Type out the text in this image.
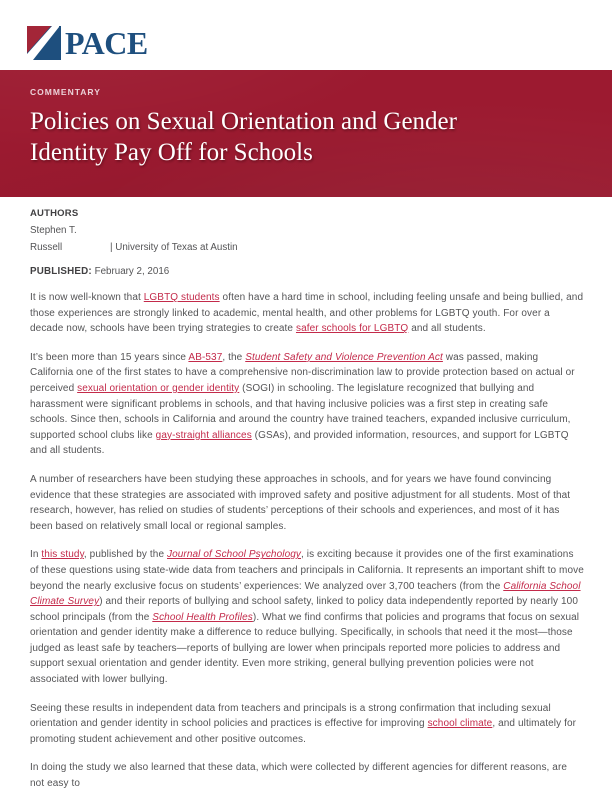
PACE
COMMENTARY
Policies on Sexual Orientation and Gender Identity Pay Off for Schools
AUTHORS
Stephen T.
Russell	| University of Texas at Austin
PUBLISHED: February 2, 2016

It is now well-known that LGBTQ students often have a hard time in school, including feeling unsafe and being bullied, and those experiences are strongly linked to academic, mental health, and other problems for LGBTQ youth. For over a decade now, schools have been trying strategies to create safer schools for LGBTQ and all students.

It’s been more than 15 years since AB-537, the Student Safety and Violence Prevention Act was passed, making California one of the first states to have a comprehensive non-discrimination law to provide protection based on actual or perceived sexual orientation or gender identity (SOGI) in schooling. The legislature recognized that bullying and harassment were significant problems in schools, and that having inclusive policies was a first step in creating safe schools. Since then, schools in California and around the country have trained teachers, expanded inclusive curriculum, supported school clubs like gay-straight alliances (GSAs), and provided information, resources, and support for LGBTQ and all students.

A number of researchers have been studying these approaches in schools, and for years we have found convincing evidence that these strategies are associated with improved safety and positive adjustment for all students. Most of that research, however, has relied on studies of students’ perceptions of their schools and experiences, and most of it has been based on relatively small local or regional samples.

In this study, published by the Journal of School Psychology, is exciting because it provides one of the first examinations of these questions using state-wide data from teachers and principals in California. It represents an important shift to move beyond the nearly exclusive focus on students’ experiences: We analyzed over 3,700 teachers (from the California School Climate Survey) and their reports of bullying and school safety, linked to policy data independently reported by nearly 100 school principals (from the School Health Profiles). What we find confirms that policies and programs that focus on sexual orientation and gender identity make a difference to reduce bullying. Specifically, in schools that need it the most—those judged as least safe by teachers—reports of bullying are lower when principals reported more policies to address and support sexual orientation and gender identity. Even more striking, general bullying prevention policies were not associated with lower bullying.

Seeing these results in independent data from teachers and principals is a strong confirmation that including sexual orientation and gender identity in school policies and practices is effective for improving school climate, and ultimately for promoting student achievement and other positive outcomes.

In doing the study we also learned that these data, which were collected by different agencies for different reasons, are not easy to
